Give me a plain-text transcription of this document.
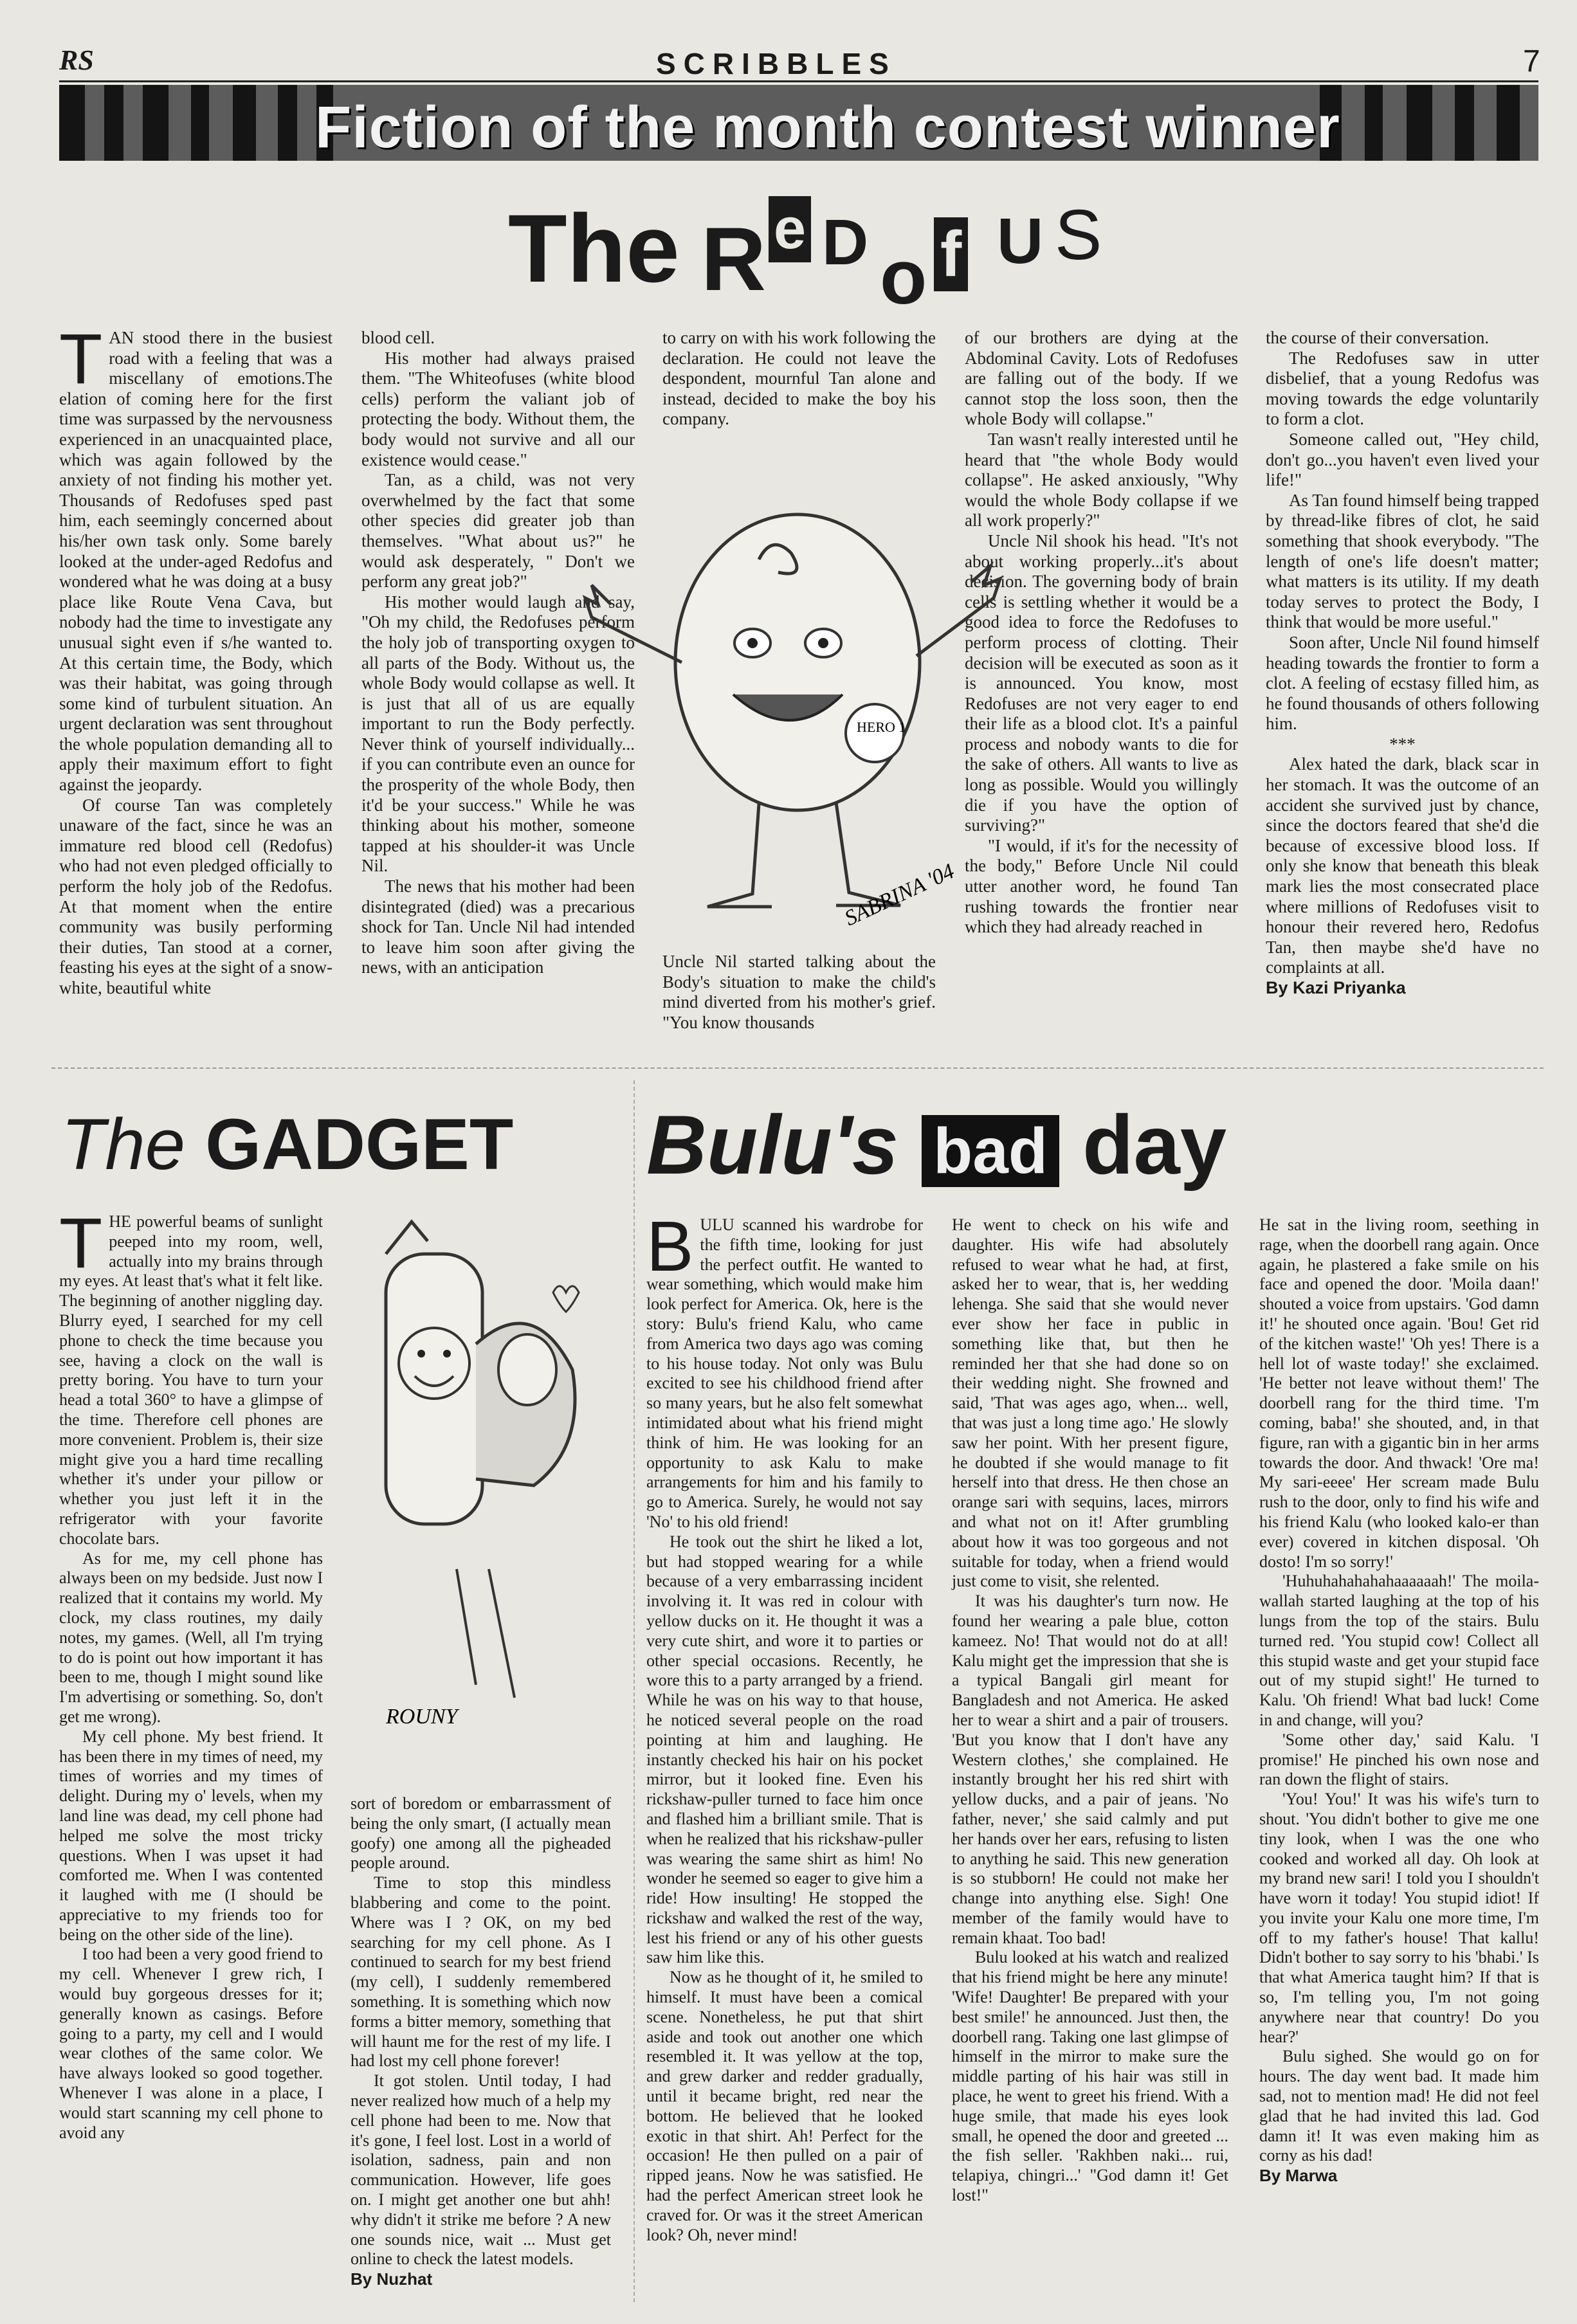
RS	SCRIBBLES	7
Fiction of the month contest winner
The R e D o f U S
T AN stood there in the busiest road with a feeling that was a miscellany of emotions.The elation of coming here for the first time was surpassed by the nervousness experienced in an unacquainted place, which was again followed by the anxiety of not finding his mother yet. Thousands of Redofuses sped past him, each seemingly concerned about his/her own task only. Some barely looked at the under-aged Redofus and wondered what he was doing at a busy place like Route Vena Cava, but nobody had the time to investigate any unusual sight even if s/he wanted to. At this certain time, the Body, which was their habitat, was going through some kind of turbulent situation. An urgent declaration was sent throughout the whole population demanding all to apply their maximum effort to fight against the jeopardy.

Of course Tan was completely unaware of the fact, since he was an immature red blood cell (Redofus) who had not even pledged officially to perform the holy job of the Redofus. At that moment when the entire community was busily performing their duties, Tan stood at a corner, feasting his eyes at the sight of a snow-white, beautiful white

blood cell.

His mother had always praised them. "The Whiteofuses (white blood cells) perform the valiant job of protecting the body. Without them, the body would not survive and all our existence would cease."

Tan, as a child, was not very overwhelmed by the fact that some other species did greater job than themselves. "What about us?" he would ask desperately, " Don't we perform any great job?"

His mother would laugh and say, "Oh my child, the Redofuses perform the holy job of transporting oxygen to all parts of the Body. Without us, the whole Body would collapse as well. It is just that all of us are equally important to run the Body perfectly. Never think of yourself individually... if you can contribute even an ounce for the prosperity of the whole Body, then it'd be your success." While he was thinking about his mother, someone tapped at his shoulder-it was Uncle Nil.

The news that his mother had been disintegrated (died) was a precarious shock for Tan. Uncle Nil had intended to leave him soon after giving the news, with an anticipation

to carry on with his work following the declaration. He could not leave the despondent, mournful Tan alone and instead, decided to make the boy his company.

Uncle Nil started talking about the Body's situation to make the child's mind diverted from his mother's grief. "You know thousands

of our brothers are dying at the Abdominal Cavity. Lots of Redofuses are falling out of the body. If we cannot stop the loss soon, then the whole Body will collapse."

Tan wasn't really interested until he heard that "the whole Body would collapse". He asked anxiously, "Why would the whole Body collapse if we all work properly?"

Uncle Nil shook his head. "It's not about working properly...it's about decision. The governing body of brain cells is settling whether it would be a good idea to force the Redofuses to perform process of clotting. Their decision will be executed as soon as it is announced. You know, most Redofuses are not very eager to end their life as a blood clot. It's a painful process and nobody wants to die for the sake of others. All wants to live as long as possible. Would you willingly die if you have the option of surviving?"

"I would, if it's for the necessity of the body," Before Uncle Nil could utter another word, he found Tan rushing towards the frontier near which they had already reached in

the course of their conversation.

The Redofuses saw in utter disbelief, that a young Redofus was moving towards the edge voluntarily to form a clot.

Someone called out, "Hey child, don't go...you haven't even lived your life!"

As Tan found himself being trapped by thread-like fibres of clot, he said something that shook everybody. "The length of one's life doesn't matter; what matters is its utility. If my death today serves to protect the Body, I think that would be more useful."

Soon after, Uncle Nil found himself heading towards the frontier to form a clot. A feeling of ecstasy filled him, as he found thousands of others following him.

***

Alex hated the dark, black scar in her stomach. It was the outcome of an accident she survived just by chance, since the doctors feared that she'd die because of excessive blood loss. If only she know that beneath this bleak mark lies the most consecrated place where millions of Redofuses visit to honour their revered hero, Redofus Tan, then maybe she'd have no complaints at all.

By Kazi Priyanka
HERO 1
SABRINA '04
The GADGET
T HE powerful beams of sunlight peeped into my room, well, actually into my brains through my eyes. At least that's what it felt like. The beginning of another niggling day. Blurry eyed, I searched for my cell phone to check the time because you see, having a clock on the wall is pretty boring. You have to turn your head a total 360° to have a glimpse of the time. Therefore cell phones are more convenient. Problem is, their size might give you a hard time recalling whether it's under your pillow or whether you just left it in the refrigerator with your favorite chocolate bars.

As for me, my cell phone has always been on my bedside. Just now I realized that it contains my world. My clock, my class routines, my daily notes, my games. (Well, all I'm trying to do is point out how important it has been to me, though I might sound like I'm advertising or something. So, don't get me wrong).

My cell phone. My best friend. It has been there in my times of need, my times of worries and my times of delight. During my o' levels, when my land line was dead, my cell phone had helped me solve the most tricky questions. When I was upset it had comforted me. When I was contented it laughed with me (I should be appreciative to my friends too for being on the other side of the line).

I too had been a very good friend to my cell. Whenever I grew rich, I would buy gorgeous dresses for it; generally known as casings. Before going to a party, my cell and I would wear clothes of the same color. We have always looked so good together. Whenever I was alone in a place, I would start scanning my cell phone to avoid any

sort of boredom or embarrassment of being the only smart, (I actually mean goofy) one among all the pigheaded people around.

Time to stop this mindless blabbering and come to the point. Where was I ? OK, on my bed searching for my cell phone. As I continued to search for my best friend (my cell), I suddenly remembered something. It is something which now forms a bitter memory, something that will haunt me for the rest of my life. I had lost my cell phone forever!

It got stolen. Until today, I had never realized how much of a help my cell phone had been to me. Now that it's gone, I feel lost. Lost in a world of isolation, sadness, pain and non communication. However, life goes on. I might get another one but ahh! why didn't it strike me before ? A new one sounds nice, wait ... Must get online to check the latest models.

By Nuzhat
ROUNY
Bulu's bad day
B ULU scanned his wardrobe for the fifth time, looking for just the perfect outfit. He wanted to wear something, which would make him look perfect for America. Ok, here is the story: Bulu's friend Kalu, who came from America two days ago was coming to his house today. Not only was Bulu excited to see his childhood friend after so many years, but he also felt somewhat intimidated about what his friend might think of him. He was looking for an opportunity to ask Kalu to make arrangements for him and his family to go to America. Surely, he would not say 'No' to his old friend!

He took out the shirt he liked a lot, but had stopped wearing for a while because of a very embarrassing incident involving it. It was red in colour with yellow ducks on it. He thought it was a very cute shirt, and wore it to parties or other special occasions. Recently, he wore this to a party arranged by a friend. While he was on his way to that house, he noticed several people on the road pointing at him and laughing. He instantly checked his hair on his pocket mirror, but it looked fine. Even his rickshaw-puller turned to face him once and flashed him a brilliant smile. That is when he realized that his rickshaw-puller was wearing the same shirt as him! No wonder he seemed so eager to give him a ride! How insulting! He stopped the rickshaw and walked the rest of the way, lest his friend or any of his other guests saw him like this.

Now as he thought of it, he smiled to himself. It must have been a comical scene. Nonetheless, he put that shirt aside and took out another one which resembled it. It was yellow at the top, and grew darker and redder gradually, until it became bright, red near the bottom. He believed that he looked exotic in that shirt. Ah! Perfect for the occasion! He then pulled on a pair of ripped jeans. Now he was satisfied. He had the perfect American street look he craved for. Or was it the street American look? Oh, never mind!

He went to check on his wife and daughter. His wife had absolutely refused to wear what he had, at first, asked her to wear, that is, her wedding lehenga. She said that she would never ever show her face in public in something like that, but then he reminded her that she had done so on their wedding night. She frowned and said, 'That was ages ago, when... well, that was just a long time ago.' He slowly saw her point. With her present figure, he doubted if she would manage to fit herself into that dress. He then chose an orange sari with sequins, laces, mirrors and what not on it! After grumbling about how it was too gorgeous and not suitable for today, when a friend would just come to visit, she relented.

It was his daughter's turn now. He found her wearing a pale blue, cotton kameez. No! That would not do at all! Kalu might get the impression that she is a typical Bangali girl meant for Bangladesh and not America. He asked her to wear a shirt and a pair of trousers. 'But you know that I don't have any Western clothes,' she complained. He instantly brought her his red shirt with yellow ducks, and a pair of jeans. 'No father, never,' she said calmly and put her hands over her ears, refusing to listen to anything he said. This new generation is so stubborn! He could not make her change into anything else. Sigh! One member of the family would have to remain khaat. Too bad!

Bulu looked at his watch and realized that his friend might be here any minute! 'Wife! Daughter! Be prepared with your best smile!' he announced. Just then, the doorbell rang. Taking one last glimpse of himself in the mirror to make sure the middle parting of his hair was still in place, he went to greet his friend. With a huge smile, that made his eyes look small, he opened the door and greeted ... the fish seller. 'Rakhben naki... rui, telapiya, chingri...' "God damn it! Get lost!"

He sat in the living room, seething in rage, when the doorbell rang again. Once again, he plastered a fake smile on his face and opened the door. 'Moila daan!' shouted a voice from upstairs. 'God damn it!' he shouted once again. 'Bou! Get rid of the kitchen waste!' 'Oh yes! There is a hell lot of waste today!' she exclaimed. 'He better not leave without them!' The doorbell rang for the third time. 'I'm coming, baba!' she shouted, and, in that figure, ran with a gigantic bin in her arms towards the door. And thwack! 'Ore ma! My sari-eeee' Her scream made Bulu rush to the door, only to find his wife and his friend Kalu (who looked kalo-er than ever) covered in kitchen disposal. 'Oh dosto! I'm so sorry!'

'Huhuhahahahahaaaaaah!' The moila-wallah started laughing at the top of his lungs from the top of the stairs. Bulu turned red. 'You stupid cow! Collect all this stupid waste and get your stupid face out of my stupid sight!' He turned to Kalu. 'Oh friend! What bad luck! Come in and change, will you?

'Some other day,' said Kalu. 'I promise!' He pinched his own nose and ran down the flight of stairs.

'You! You!' It was his wife's turn to shout. 'You didn't bother to give me one tiny look, when I was the one who cooked and worked all day. Oh look at my brand new sari! I told you I shouldn't have worn it today! You stupid idiot! If you invite your Kalu one more time, I'm off to my father's house! That kallu! Didn't bother to say sorry to his 'bhabi.' Is that what America taught him? If that is so, I'm telling you, I'm not going anywhere near that country! Do you hear?'

Bulu sighed. She would go on for hours. The day went bad. It made him sad, not to mention mad! He did not feel glad that he had invited this lad. God damn it! It was even making him as corny as his dad!

By Marwa
